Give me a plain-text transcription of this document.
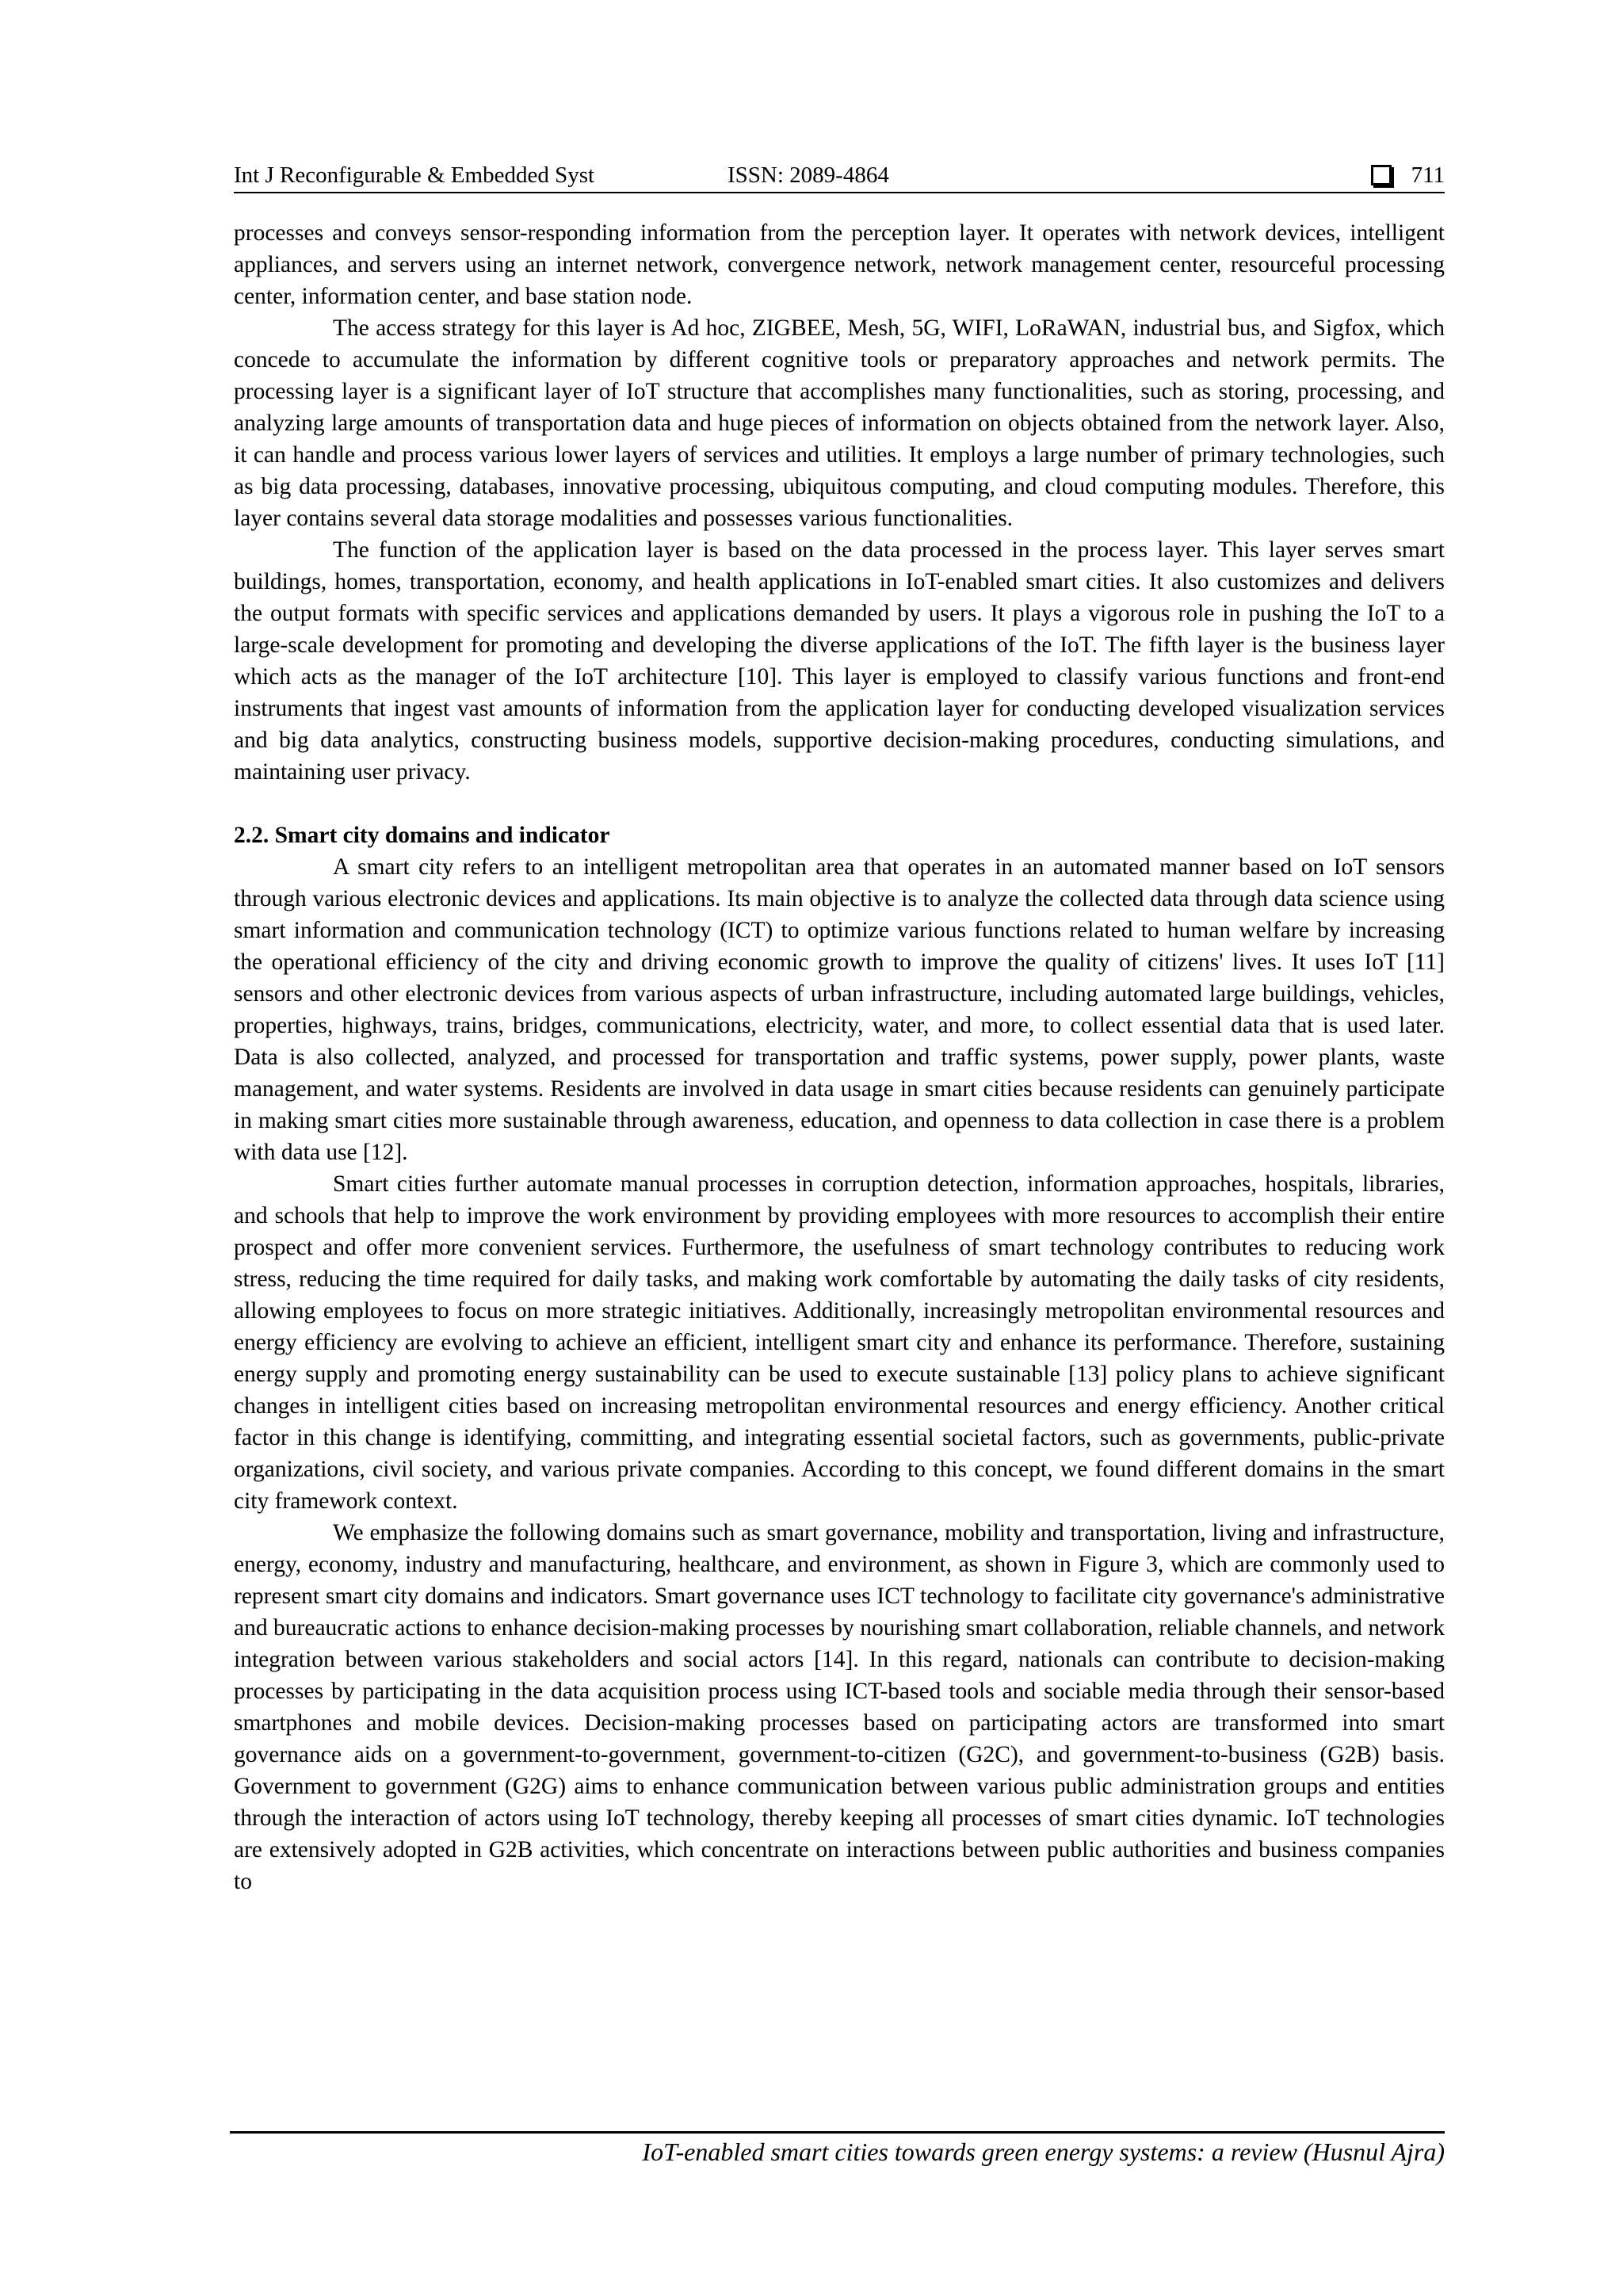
Int J Reconfigurable & Embedded Syst	ISSN: 2089-4864	711

processes and conveys sensor-responding information from the perception layer. It operates with network devices, intelligent appliances, and servers using an internet network, convergence network, network management center, resourceful processing center, information center, and base station node.

The access strategy for this layer is Ad hoc, ZIGBEE, Mesh, 5G, WIFI, LoRaWAN, industrial bus, and Sigfox, which concede to accumulate the information by different cognitive tools or preparatory approaches and network permits. The processing layer is a significant layer of IoT structure that accomplishes many functionalities, such as storing, processing, and analyzing large amounts of transportation data and huge pieces of information on objects obtained from the network layer. Also, it can handle and process various lower layers of services and utilities. It employs a large number of primary technologies, such as big data processing, databases, innovative processing, ubiquitous computing, and cloud computing modules. Therefore, this layer contains several data storage modalities and possesses various functionalities.

The function of the application layer is based on the data processed in the process layer. This layer serves smart buildings, homes, transportation, economy, and health applications in IoT-enabled smart cities. It also customizes and delivers the output formats with specific services and applications demanded by users. It plays a vigorous role in pushing the IoT to a large-scale development for promoting and developing the diverse applications of the IoT. The fifth layer is the business layer which acts as the manager of the IoT architecture [10]. This layer is employed to classify various functions and front-end instruments that ingest vast amounts of information from the application layer for conducting developed visualization services and big data analytics, constructing business models, supportive decision-making procedures, conducting simulations, and maintaining user privacy.

2.2. Smart city domains and indicator

A smart city refers to an intelligent metropolitan area that operates in an automated manner based on IoT sensors through various electronic devices and applications. Its main objective is to analyze the collected data through data science using smart information and communication technology (ICT) to optimize various functions related to human welfare by increasing the operational efficiency of the city and driving economic growth to improve the quality of citizens' lives. It uses IoT [11] sensors and other electronic devices from various aspects of urban infrastructure, including automated large buildings, vehicles, properties, highways, trains, bridges, communications, electricity, water, and more, to collect essential data that is used later. Data is also collected, analyzed, and processed for transportation and traffic systems, power supply, power plants, waste management, and water systems. Residents are involved in data usage in smart cities because residents can genuinely participate in making smart cities more sustainable through awareness, education, and openness to data collection in case there is a problem with data use [12].

Smart cities further automate manual processes in corruption detection, information approaches, hospitals, libraries, and schools that help to improve the work environment by providing employees with more resources to accomplish their entire prospect and offer more convenient services. Furthermore, the usefulness of smart technology contributes to reducing work stress, reducing the time required for daily tasks, and making work comfortable by automating the daily tasks of city residents, allowing employees to focus on more strategic initiatives. Additionally, increasingly metropolitan environmental resources and energy efficiency are evolving to achieve an efficient, intelligent smart city and enhance its performance. Therefore, sustaining energy supply and promoting energy sustainability can be used to execute sustainable [13] policy plans to achieve significant changes in intelligent cities based on increasing metropolitan environmental resources and energy efficiency. Another critical factor in this change is identifying, committing, and integrating essential societal factors, such as governments, public-private organizations, civil society, and various private companies. According to this concept, we found different domains in the smart city framework context.

We emphasize the following domains such as smart governance, mobility and transportation, living and infrastructure, energy, economy, industry and manufacturing, healthcare, and environment, as shown in Figure 3, which are commonly used to represent smart city domains and indicators. Smart governance uses ICT technology to facilitate city governance's administrative and bureaucratic actions to enhance decision-making processes by nourishing smart collaboration, reliable channels, and network integration between various stakeholders and social actors [14]. In this regard, nationals can contribute to decision-making processes by participating in the data acquisition process using ICT-based tools and sociable media through their sensor-based smartphones and mobile devices. Decision-making processes based on participating actors are transformed into smart governance aids on a government-to-government, government-to-citizen (G2C), and government-to-business (G2B) basis. Government to government (G2G) aims to enhance communication between various public administration groups and entities through the interaction of actors using IoT technology, thereby keeping all processes of smart cities dynamic. IoT technologies are extensively adopted in G2B activities, which concentrate on interactions between public authorities and business companies to

IoT-enabled smart cities towards green energy systems: a review (Husnul Ajra)
